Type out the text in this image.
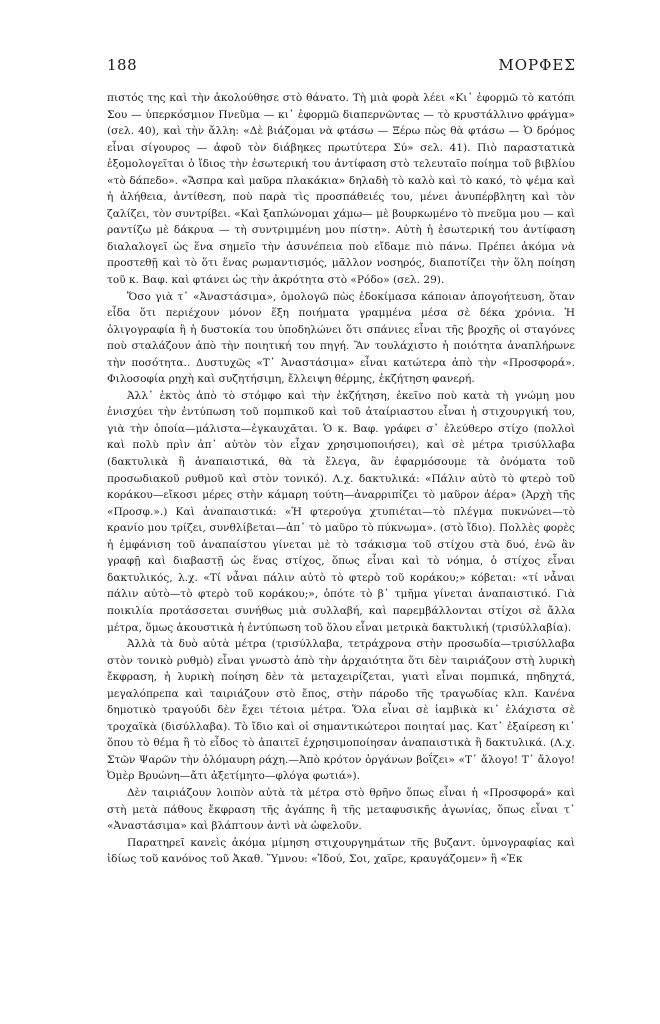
188	ΜΟΡΦΕΣ

πιστός της καὶ τὴν ἀκολούθησε στὸ θάνατο. Τὴ μιὰ φορὰ λέει «Κι᾿ ἐφορμῶ τὸ κατόπι Σου — ὑπερκόσμιον Πνεῦμα — κι᾿ ἐφορμῶ διαπερνῶντας — τὸ κρυστάλλινο φράγμα» (σελ. 40), καὶ τὴν ἄλλη: «Δὲ βιάζομαι νὰ φτάσω — Ξέρω πὼς θὰ φτάσω — Ὁ δρόμος εἶναι σίγουρος — ἀφοῦ τὸν διάβηκες πρωτύτερα Σύ» σελ. 41). Πιὸ παραστατικὰ ἐξομολογεῖται ὁ ἴδιος τὴν ἐσωτερική του ἀντίφαση στὸ τελευταῖο ποίημα τοῦ βιβλίου «τὸ δάπεδο». «Ἄσπρα καὶ μαῦρα πλακάκια» δηλαδὴ τὸ καλὸ καὶ τὸ κακό, τὸ ψέμα καὶ ἡ ἀλήθεια, ἀντίθεση, ποὺ παρὰ τὶς προσπάθειές του, μένει ἀνυπέρβλητη καὶ τὸν ζαλίζει, τὸν συντρίβει. «Καὶ ξαπλώνομαι χάμω— μὲ βουρκωμένο τὸ πνεῦμα μου — καὶ ραντίζω μὲ δάκρυα — τὴ συντριμμένη μου πίστη». Αὐτὴ ἡ ἐσωτερική του ἀντίφαση διαλαλογεῖ ὡς ἕνα σημεῖο τὴν ἀσυνέπεια ποὺ εἴδαμε πιὸ πάνω. Πρέπει ἀκόμα νὰ προστεθῇ καὶ τὸ ὅτι ἕνας ρωμαντισμός, μᾶλλον νοσηρός, διαποτίζει τὴν ὅλη ποίηση τοῦ κ. Βαφ. καὶ φτάνει ὡς τὴν ἀκρότητα στὸ «Ρόδο» (σελ. 29).

Ὅσο γιὰ τ᾿ «Ἀναστάσιμα», ὁμολογῶ πὼς ἐδοκίμασα κάποιαν ἀπογοήτευση, ὅταν εἶδα ὅτι περιέχουν μόνον ἕξη ποιήματα γραμμένα μέσα σὲ δέκα χρόνια. Ἡ ὀλιγογραφία ἢ ἡ δυστοκία του ὑποδηλώνει ὅτι σπάνιες εἶναι τῆς βροχῆς οἱ σταγόνες ποὺ σταλάζουν ἀπὸ τὴν ποιητική του πηγή. Ἂν τουλάχιστο ἡ ποιότητα ἀναπλήρωνε τὴν ποσότητα.. Δυστυχῶς «Τ᾿ Ἀναστάσιμα» εἶναι κατώτερα ἀπὸ τὴν «Προσφορά». Φιλοσοφία ρηχὴ καὶ συζητήσιμη, ἔλλειψη θέρμης, ἐκζήτηση φανερή.

Ἀλλ᾿ ἐκτὸς ἀπὸ τὸ στόμφο καὶ τὴν ἐκζήτηση, ἐκεῖνο ποὺ κατὰ τὴ γνώμη μου ἐνισχύει τὴν ἐντύπωση τοῦ πομπικοῦ καὶ τοῦ ἀταίριαστου εἶναι ἡ στιχουργική του, γιὰ τὴν ὁποία—μάλιστα—ἐγκαυχᾶται. Ὁ κ. Βαφ. γράφει σ᾿ ἐλεύθερο στίχο (πολλοὶ καὶ πολὺ πρὶν ἀπ᾿ αὐτὸν τὸν εἶχαν χρησιμοποιήσει), καὶ σὲ μέτρα τρισύλλαβα (δακτυλικὰ ἢ ἀναπαιστικά, θὰ τὰ ἔλεγα, ἂν ἐφαρμόσουμε τὰ ὀνόματα τοῦ προσωδιακοῦ ρυθμοῦ καὶ στὸν τονικό). Λ.χ. δακτυλικά: «Πάλιν αὐτὸ τὸ φτερὸ τοῦ κοράκου—εἴκοσι μέρες στὴν κάμαρη τούτη—ἀναρριπίζει τὸ μαῦρον ἀέρα» (Ἀρχὴ τῆς «Προσφ.».) Καὶ ἀναπαιστικά: «Ἡ φτερούγα χτυπιέται—τὸ πλέγμα πυκνώνει—τὸ κρανίο μου τρίζει, συνθλίβεται—ἀπ᾿ τὸ μαῦρο τὸ πύκνωμα». (στὸ ἴδιο). Πολλὲς φορὲς ἡ ἐμφάνιση τοῦ ἀναπαίστου γίνεται μὲ τὸ τσάκισμα τοῦ στίχου στὰ δυό, ἐνῶ ἂν γραφῇ καὶ διαβαστῇ ὡς ἕνας στίχος, ὅπως εἶναι καὶ τὸ νόημα, ὁ στίχος εἶναι δακτυλικός, λ.χ. «Τί νἆναι πάλιν αὐτὸ τὸ φτερὸ τοῦ κοράκου;» κόβεται: «τί νἆναι πάλιν αὐτὸ—τὸ φτερὸ τοῦ κοράκου;», ὁπότε τὸ β᾿ τμῆμα γίνεται ἀναπαιστικό. Γιὰ ποικιλία προτάσσεται συνήθως μιὰ συλλαβή, καὶ παρεμβάλλονται στίχοι σὲ ἄλλα μέτρα, ὅμως ἀκουστικὰ ἡ ἐντύπωση τοῦ ὅλου εἶναι μετρικὰ δακτυλική (τρισύλλαβία).

Ἀλλὰ τὰ δυὸ αὐτὰ μέτρα (τρισύλλαβα, τετράχρονα στὴν προσωδία—τρισύλλαβα στὸν τονικὸ ρυθμὸ) εἶναι γνωστὸ ἀπὸ τὴν ἀρχαιότητα ὅτι δὲν ταιριάζουν στὴ λυρικὴ ἔκφραση, ἡ λυρικὴ ποίηση δὲν τὰ μεταχειρίζεται, γιατὶ εἶναι πομπικά, πηδηχτά, μεγαλόπρεπα καὶ ταιριάζουν στὸ ἔπος, στὴν πάροδο τῆς τραγωδίας κλπ. Κανένα δημοτικὸ τραγούδι δὲν ἔχει τέτοια μέτρα. Ὅλα εἶναι σὲ ἰαμβικὰ κι᾿ ἐλάχιστα σὲ τροχαϊκὰ (δισύλλαβα). Τὸ ἴδιο καὶ οἱ σημαντικώτεροι ποιηταί μας. Κατ᾿ ἐξαίρεση κι᾿ ὅπου τὸ θέμα ἢ τὸ εἶδος τὸ ἀπαιτεῖ ἐχρησιμοποίησαν ἀναπαιστικὰ ἢ δακτυλικά. (Λ.χ. Στῶν Ψαρῶν τὴν ὁλόμαυρη ράχη.—Ἀπὸ κρότον ὀργάνων βοΐζει» «Τ᾿ ἄλογο! Τ᾿ ἄλογο! Ὀμὲρ Βρυώνη—ἄτι ἀξετίμητο—φλόγα φωτιά»).

Δὲν ταιριάζουν λοιπὸν αὐτὰ τὰ μέτρα στὸ θρῆνο ὅπως εἶναι ἡ «Προσφορά» καὶ στὴ μετὰ πάθους ἔκφραση τῆς ἀγάπης ἢ τῆς μεταφυσικῆς ἀγωνίας, ὅπως εἶναι τ᾿ «Ἀναστάσιμα» καὶ βλάπτουν ἀντὶ νὰ ὠφελοῦν.

Παρατηρεῖ κανεὶς ἀκόμα μίμηση στιχουργημάτων τῆς βυζαντ. ὑμνογραφίας καὶ ἰδίως τοῦ κανόνος τοῦ Ἀκαθ. Ὕμνου: «Ἰδού, Σοι, χαῖρε, κραυγάζομεν» ἢ «Ἐκ
